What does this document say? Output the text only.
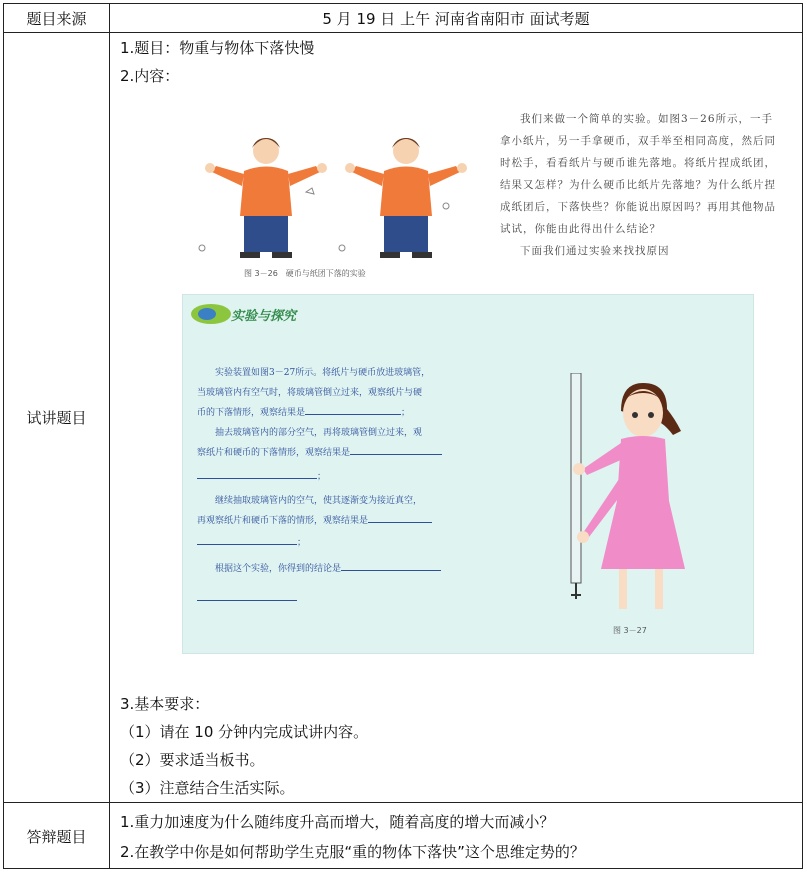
题目来源	5 月 19 日 上午 河南省南阳市 面试考题
试讲题目
1.题目：物重与物体下落快慢
2.内容：
图 3－26　硬币与纸团下落的实验
我们来做一个简单的实验。如图3－26所示，一手拿小纸片，另一手拿硬币，双手举至相同高度，然后同时松手，看看纸片与硬币谁先落地。将纸片捏成纸团，结果又怎样？为什么硬币比纸片先落地？为什么纸片捏成纸团后，下落快些？你能说出原因吗？再用其他物品试试，你能由此得出什么结论？
下面我们通过实验来找找原因
实验与探究
实验装置如图3－27所示。将纸片与硬币放进玻璃管，
当玻璃管内有空气时，将玻璃管倒立过来，观察纸片与硬
币的下落情形，观察结果是	；
抽去玻璃管内的部分空气，再将玻璃管倒立过来，观
察纸片和硬币的下落情形，观察结果是
；
继续抽取玻璃管内的空气，使其逐渐变为接近真空，
再观察纸片和硬币下落的情形，观察结果是
；
根据这个实验，你得到的结论是
图 3－27
3.基本要求：
（1）请在 10 分钟内完成试讲内容。
（2）要求适当板书。
（3）注意结合生活实际。
答辩题目
1.重力加速度为什么随纬度升高而增大，随着高度的增大而减小？
2.在教学中你是如何帮助学生克服“重的物体下落快”这个思维定势的？
